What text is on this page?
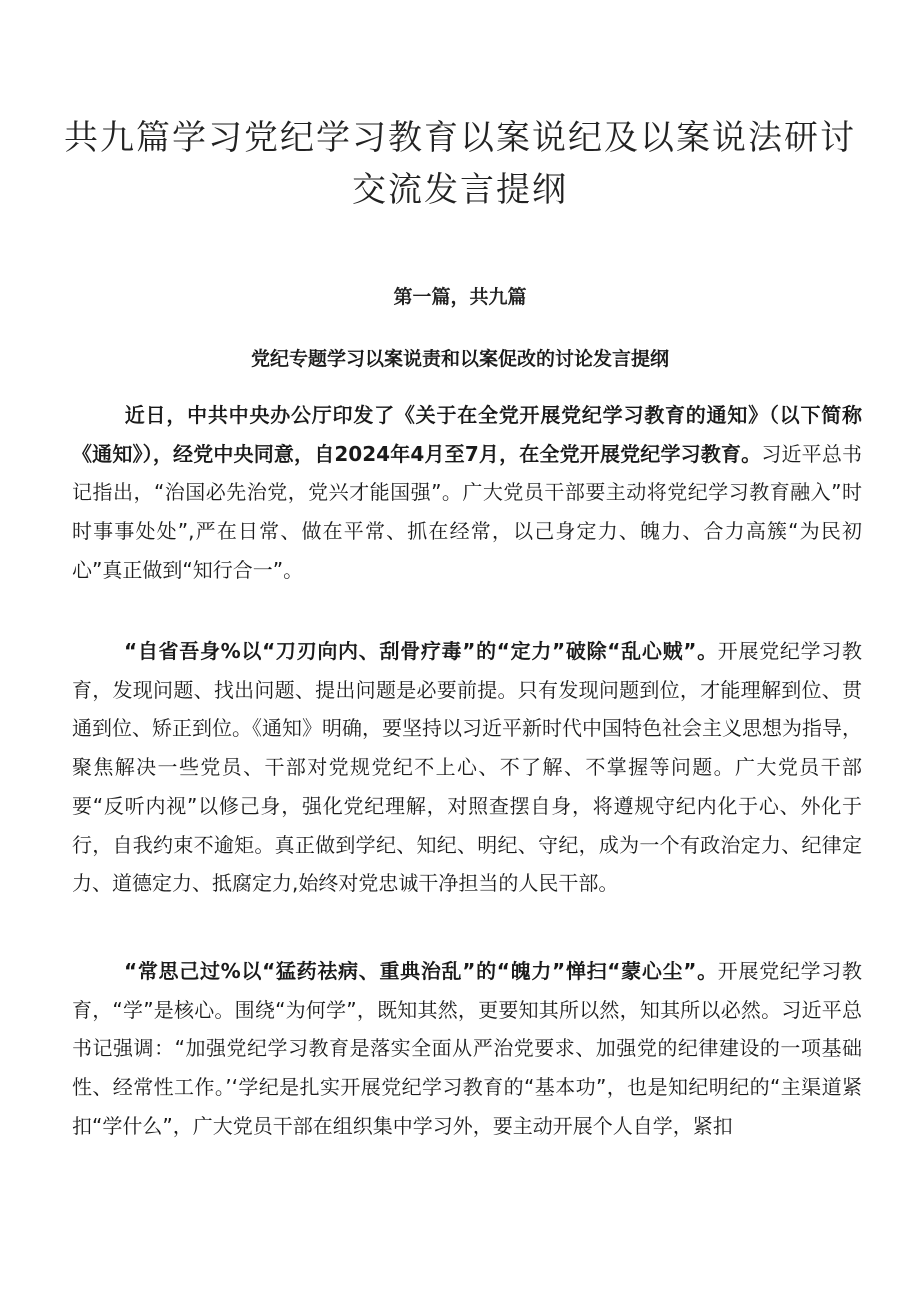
共九篇学习党纪学习教育以案说纪及以案说法研讨交流发言提纲
第一篇，共九篇
党纪专题学习以案说责和以案促改的讨论发言提纲

近日，中共中央办公厅印发了《关于在全党开展党纪学习教育的通知》（以下简称《通知》），经党中央同意，自2024年4月至7月，在全党开展党纪学习教育。习近平总书记指出，“治国必先治党，党兴才能国强”。广大党员干部要主动将党纪学习教育融入”时时事事处处”,严在日常、做在平常、抓在经常，以己身定力、魄力、合力高簇“为民初心”真正做到“知行合一”。

“自省吾身%以“刀刃向内、刮骨疗毒”的“定力”破除“乱心贼”。开展党纪学习教育，发现问题、找出问题、提出问题是必要前提。只有发现问题到位，才能理解到位、贯通到位、矫正到位。《通知》明确，要坚持以习近平新时代中国特色社会主义思想为指导，聚焦解决一些党员、干部对党规党纪不上心、不了解、不掌握等问题。广大党员干部要“反听内视”以修己身，强化党纪理解，对照查摆自身，将遵规守纪内化于心、外化于行，自我约束不逾矩。真正做到学纪、知纪、明纪、守纪，成为一个有政治定力、纪律定力、道德定力、抵腐定力,始终对党忠诚干净担当的人民干部。

“常思己过%以“猛药祛病、重典治乱”的“魄力”惮扫“蒙心尘”。开展党纪学习教育，“学”是核心。围绕“为何学”，既知其然，更要知其所以然，知其所以必然。习近平总书记强调：“加强党纪学习教育是落实全面从严治党要求、加强党的纪律建设的一项基础性、经常性工作。’‘学纪是扎实开展党纪学习教育的“基本功”，也是知纪明纪的“主渠道紧扣“学什么”，广大党员干部在组织集中学习外，要主动开展个人自学，紧扣
